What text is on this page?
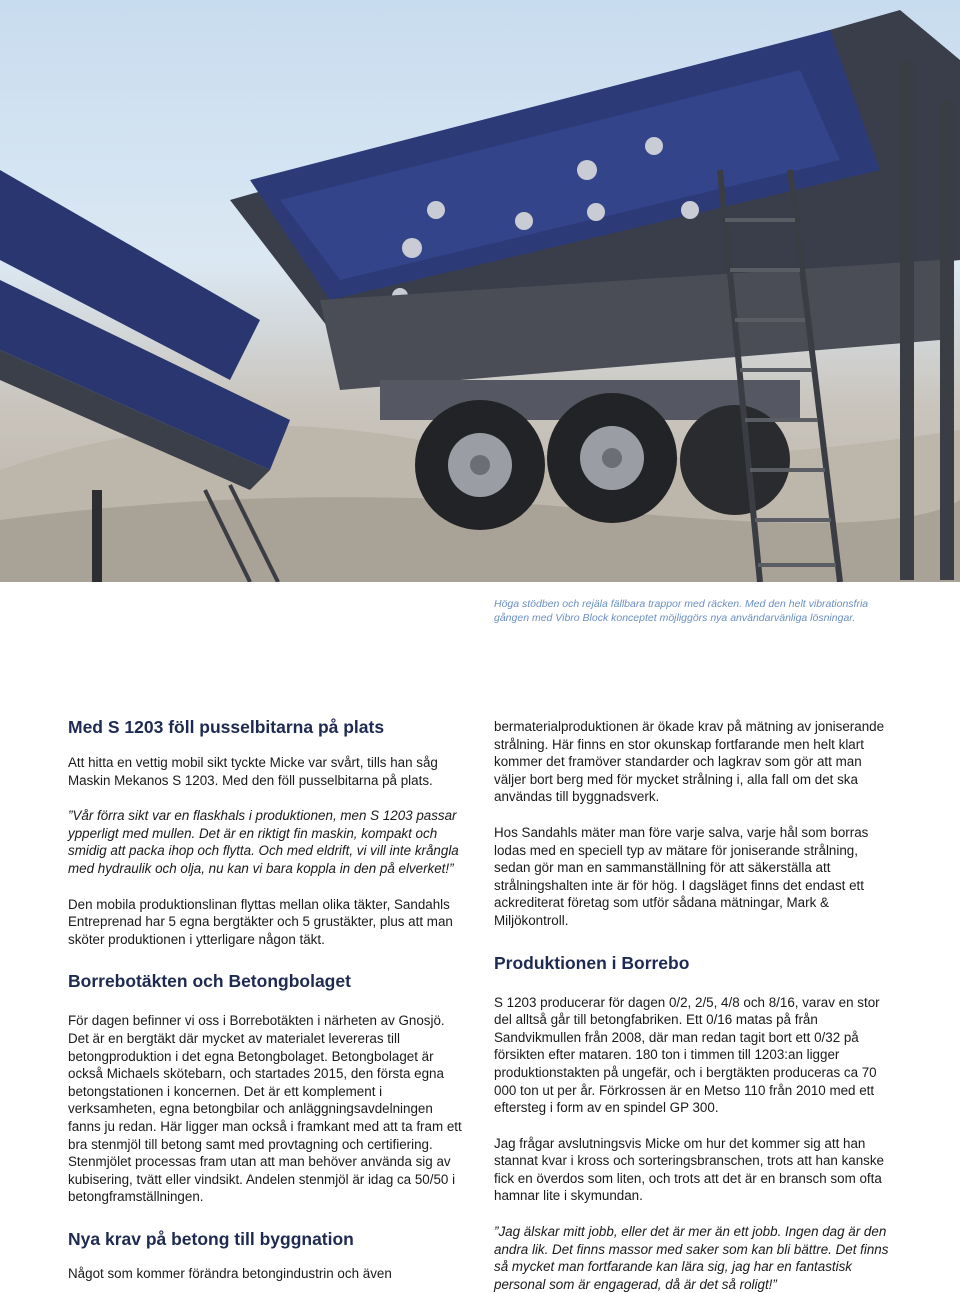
Höga stödben och rejäla fällbara trappor med räcken. Med den helt vibrationsfria gången med Vibro Block konceptet möjliggörs nya användarvänliga lösningar.
Med S 1203 föll pusselbitarna på plats

Att hitta en vettig mobil sikt tyckte Micke var svårt, tills han såg Maskin Mekanos S 1203. Med den föll pusselbitarna på plats.

”Vår förra sikt var en flaskhals i produktionen, men S 1203 passar ypperligt med mullen. Det är en riktigt fin maskin, kompakt och smidig att packa ihop och flytta. Och med eldrift, vi vill inte krångla med hydraulik och olja, nu kan vi bara koppla in den på elverket!”

Den mobila produktionslinan flyttas mellan olika täkter, Sandahls Entreprenad har 5 egna bergtäkter och 5 grustäkter, plus att man sköter produktionen i ytterligare någon täkt.

Borrebotäkten och Betongbolaget

För dagen befinner vi oss i Borrebotäkten i närheten av Gnosjö. Det är en bergtäkt där mycket av materialet levereras till betongproduktion i det egna Betongbolaget. Betongbolaget är också Michaels skötebarn, och startades 2015, den första egna betongstationen i koncernen. Det är ett komplement i verksamheten, egna betongbilar och anläggningsavdelningen fanns ju redan. Här ligger man också i framkant med att ta fram ett bra stenmjöl till betong samt med provtagning och certifiering. Stenmjölet processas fram utan att man behöver använda sig av kubisering, tvätt eller vindsikt. Andelen stenmjöl är idag ca 50/50 i betongframställningen.

Nya krav på betong till byggnation

Något som kommer förändra betongindustrin och även

bermaterialproduktionen är ökade krav på mätning av joniserande strålning. Här finns en stor okunskap fortfarande men helt klart kommer det framöver standarder och lagkrav som gör att man väljer bort berg med för mycket strålning i, alla fall om det ska användas till byggnadsverk.

Hos Sandahls mäter man före varje salva, varje hål som borras lodas med en speciell typ av mätare för joniserande strålning, sedan gör man en sammanställning för att säkerställa att strålningshalten inte är för hög. I dagsläget finns det endast ett ackrediterat företag som utför sådana mätningar, Mark & Miljökontroll.

Produktionen i Borrebo

S 1203 producerar för dagen 0/2, 2/5, 4/8 och 8/16, varav en stor del alltså går till betongfabriken. Ett 0/16 matas på från Sandvikmullen från 2008, där man redan tagit bort ett 0/32 på försikten efter mataren. 180 ton i timmen till 1203:an ligger produktionstakten på ungefär, och i bergtäkten produceras ca 70 000 ton ut per år. Förkrossen är en Metso 110 från 2010 med ett eftersteg i form av en spindel GP 300.

Jag frågar avslutningsvis Micke om hur det kommer sig att han stannat kvar i kross och sorteringsbranschen, trots att han kanske fick en överdos som liten, och trots att det är en bransch som ofta hamnar lite i skymundan.

”Jag älskar mitt jobb, eller det är mer än ett jobb. Ingen dag är den andra lik. Det finns massor med saker som kan bli bättre. Det finns så mycket man fortfarande kan lära sig, jag har en fantastisk personal som är engagerad, då är det så roligt!”
